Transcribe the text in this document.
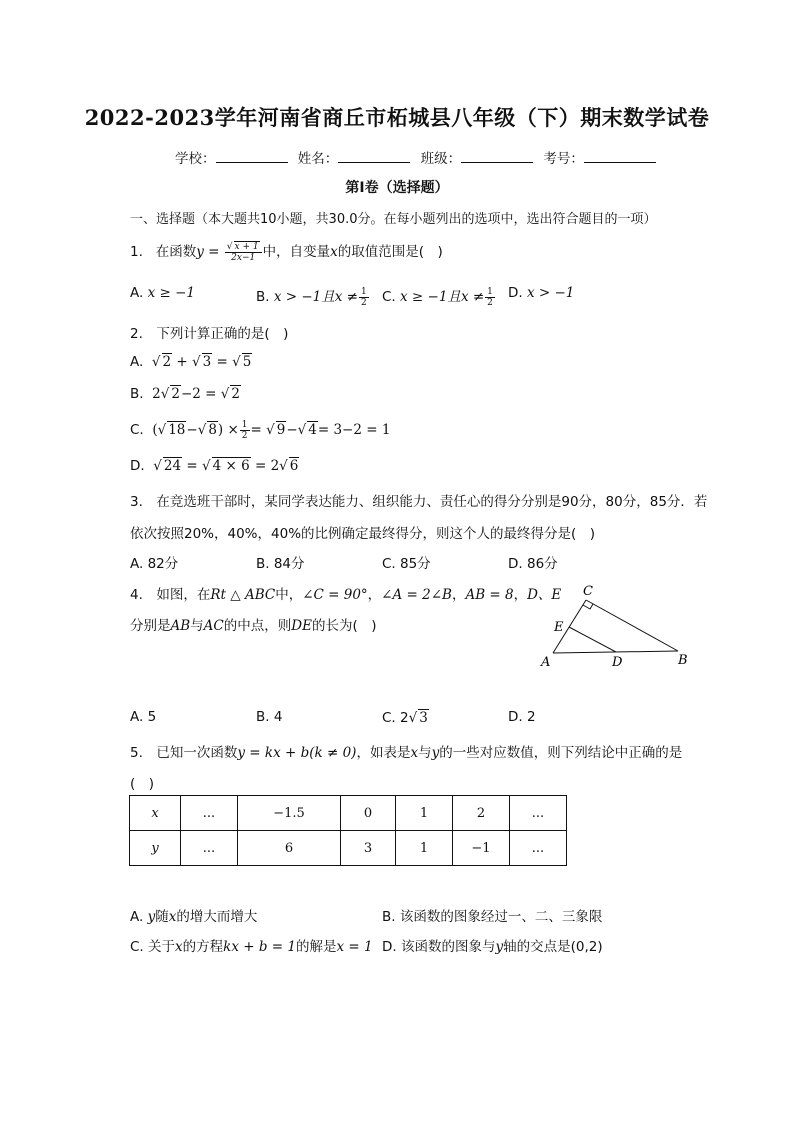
2022-2023学年河南省商丘市柘城县八年级（下）期末数学试卷
学校：	姓名：	班级：	考号：
第I卷（选择题）
一、选择题（本大题共10小题，共30.0分。在每小题列出的选项中，选出符合题目的一项）
1. 在函数$y = \frac{√ x + 1}{2x-1}$ 中，自变量x的取值范围是(　)
A. x ≥ −1	B. x > −1且$x \ne \frac{1}{2} C$. x ≥ −1且$x \ne \frac{1}{2} D$. x > −1
2.　下列计算正确的是(　)
A. √ 2 + √ 3 = √ 5
B. 2√ 2−2 = √ 2
C. (√ 18−√ $8) \times \frac{1}{2}$ = √ 9−√ 4= 3−2 = 1
D. √ 24 = √ 4 × 6 = 2√ 6
3.　在竞选班干部时，某同学表达能力、组织能力、责任心的得分分别是90分，80分，85分．若
依次按照20%，40%，40%的比例确定最终得分，则这个人的最终得分是(　)
A. 82分	B. 84分	C. 85分	D. 86分
4.　如图，在Rt △ ABC中，∠C = 90°，∠A = 2∠B，AB = 8，D、E
分别是AB与AC的中点，则DE的长为(　)
C
E
A	D	B
A. 5	B. 4	C. 2√ 3	D. 2
5.　已知一次函数y = kx + b(k ≠ 0)，如表是x与y的一些对应数值，则下列结论中正确的是
(　)
x	...	−1.5	0	1	2	...
y	...	6	3	1	−1	...
A. y随x的增大而增大	B. 该函数的图象经过一、二、三象限
C. 关于x的方程kx + b = 1的解是x = 1 D. 该函数的图象与y轴的交点是(0,2)
